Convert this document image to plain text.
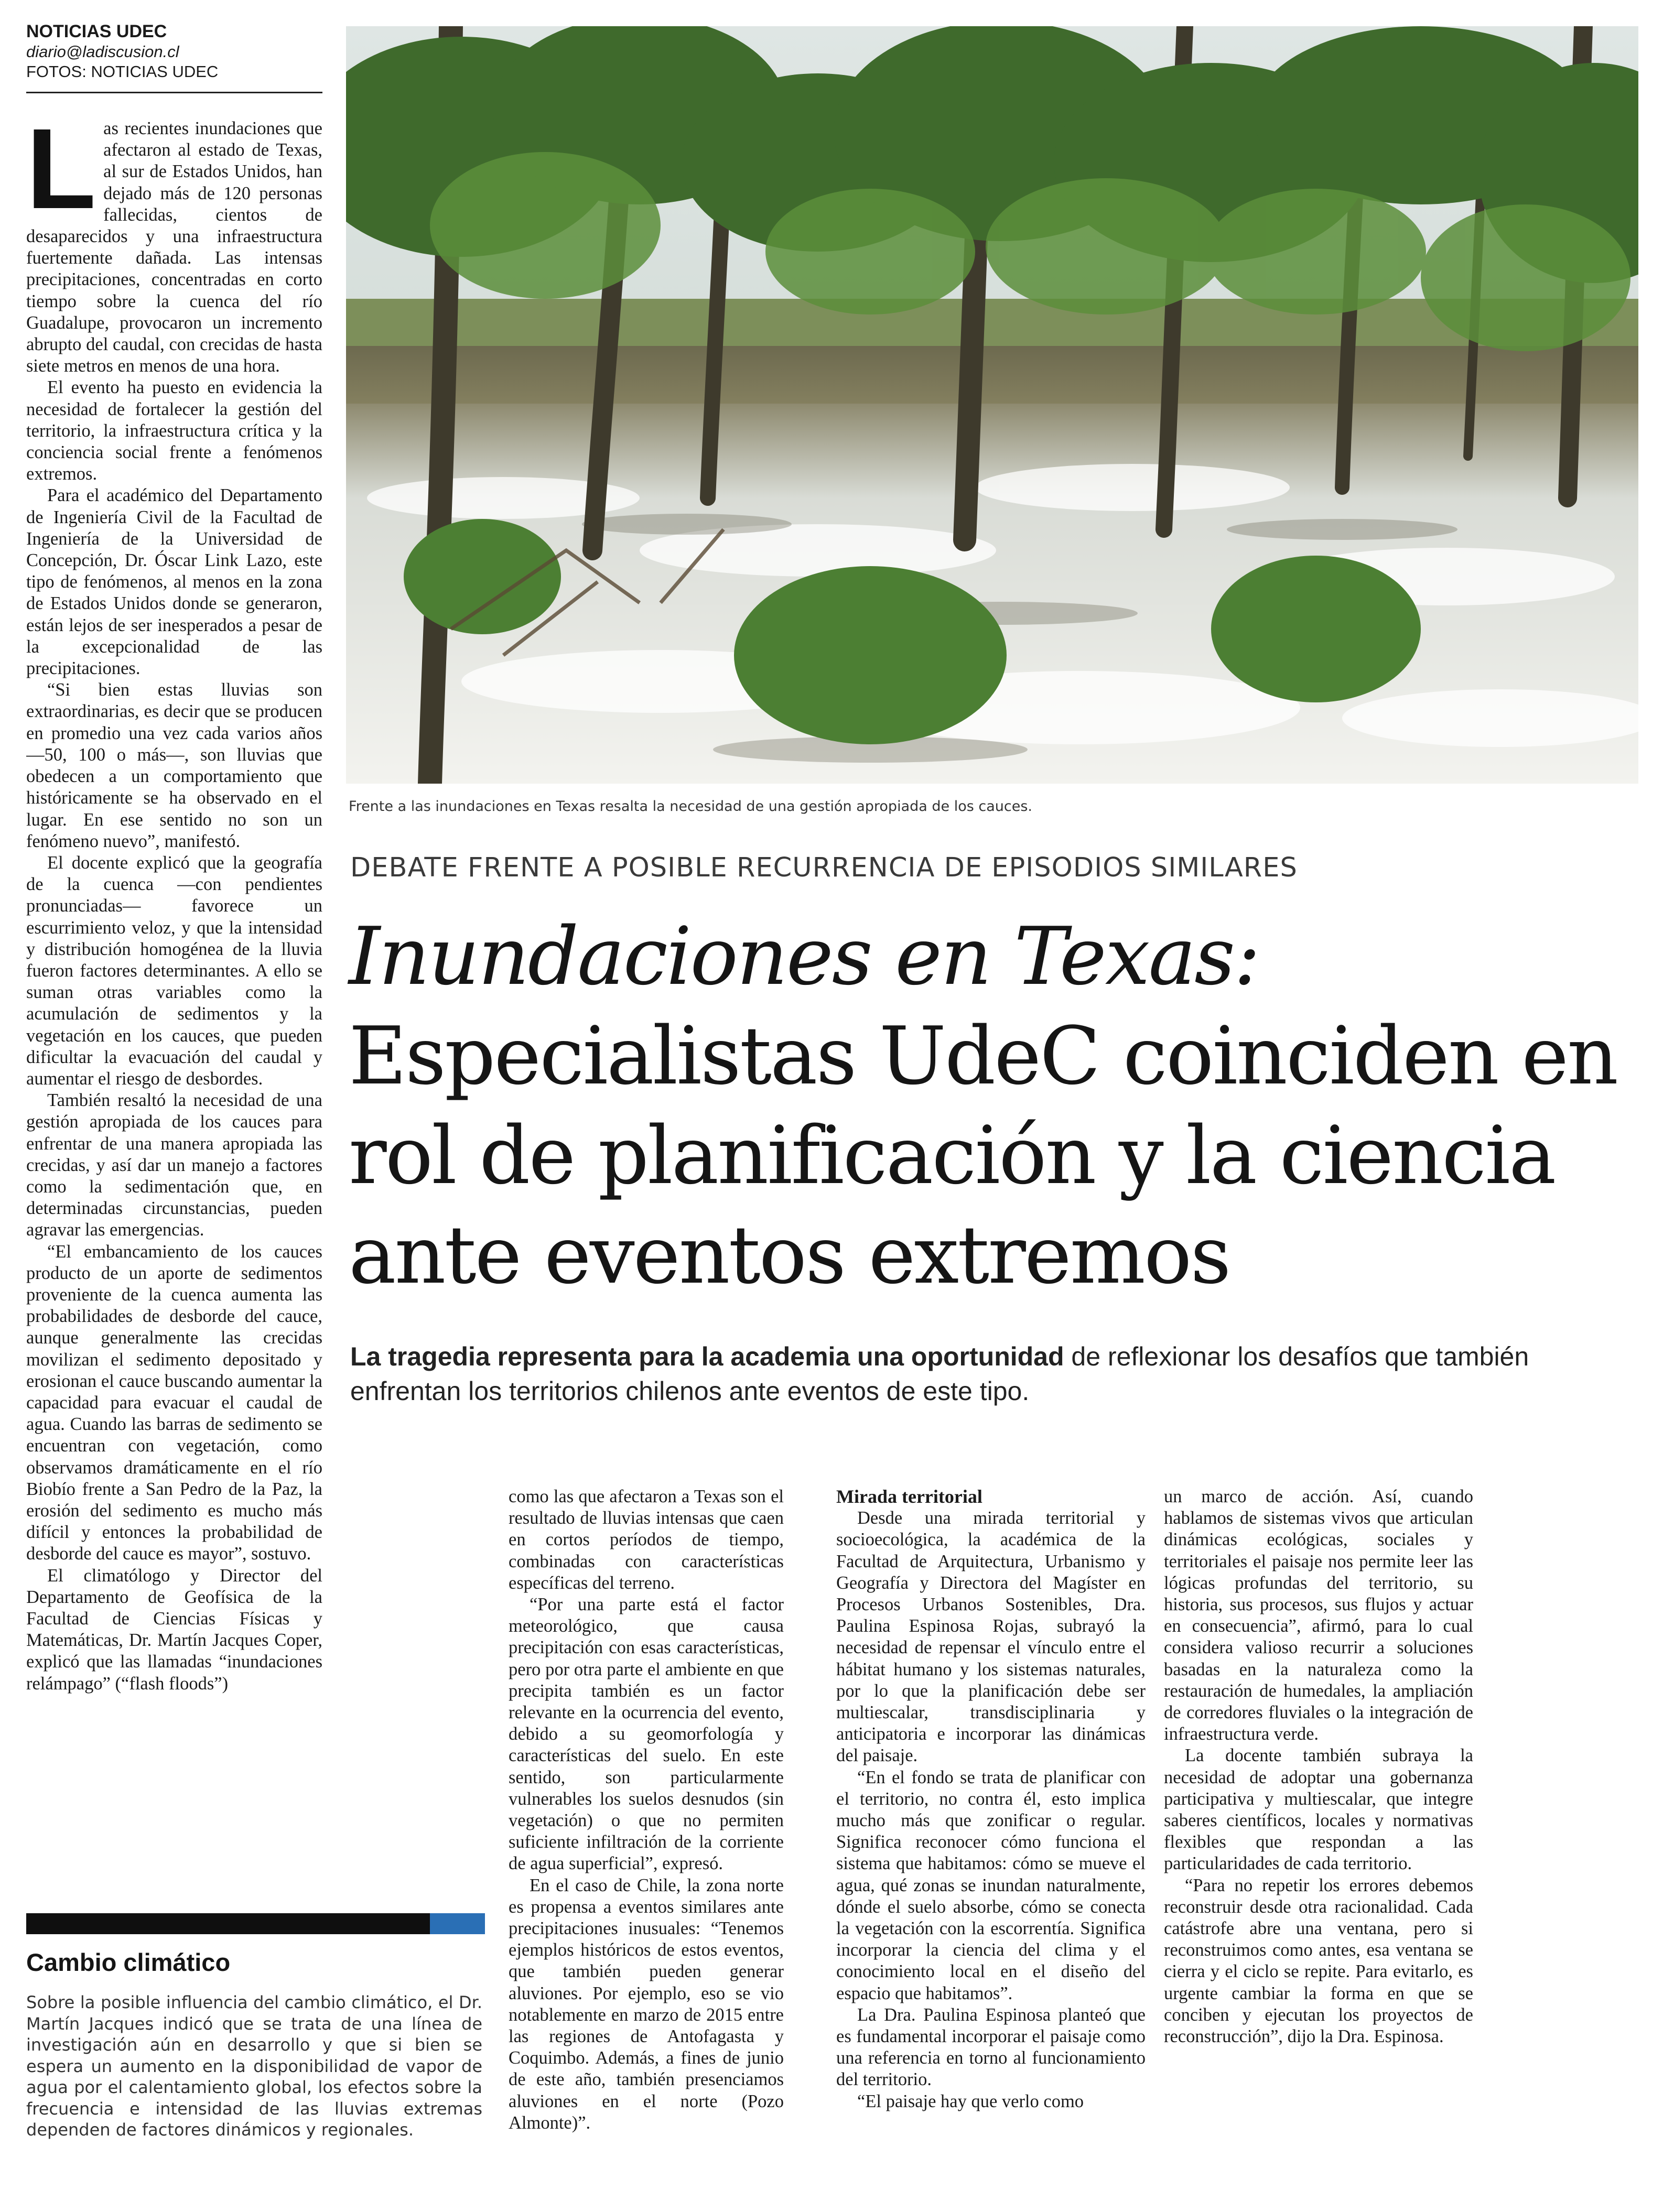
NOTICIAS UDEC
diario@ladiscusion.cl
FOTOS: NOTICIAS UDEC
L as recientes inundaciones que afectaron al estado de Texas, al sur de Estados Unidos, han dejado más de 120 personas fallecidas, cientos de desaparecidos y una infraestructura fuertemente dañada. Las intensas precipitaciones, concentradas en corto tiempo sobre la cuenca del río Guadalupe, provocaron un incremento abrupto del caudal, con crecidas de hasta siete metros en menos de una hora.

El evento ha puesto en evidencia la necesidad de fortalecer la gestión del territorio, la infraestructura crítica y la conciencia social frente a fenómenos extremos.

Para el académico del Departamento de Ingeniería Civil de la Facultad de Ingeniería de la Universidad de Concepción, Dr. Óscar Link Lazo, este tipo de fenómenos, al menos en la zona de Estados Unidos donde se generaron, están lejos de ser inesperados a pesar de la excepcionalidad de las precipitaciones.

“Si bien estas lluvias son extraordinarias, es decir que se producen en promedio una vez cada varios años —50, 100 o más—, son lluvias que obedecen a un comportamiento que históricamente se ha observado en el lugar. En ese sentido no son un fenómeno nuevo”, manifestó.

El docente explicó que la geografía de la cuenca —con pendientes pronunciadas— favorece un escurrimiento veloz, y que la intensidad y distribución homogénea de la lluvia fueron factores determinantes. A ello se suman otras variables como la acumulación de sedimentos y la vegetación en los cauces, que pueden dificultar la evacuación del caudal y aumentar el riesgo de desbordes.

También resaltó la necesidad de una gestión apropiada de los cauces para enfrentar de una manera apropiada las crecidas, y así dar un manejo a factores como la sedimentación que, en determinadas circunstancias, pueden agravar las emergencias.

“El embancamiento de los cauces producto de un aporte de sedimentos proveniente de la cuenca aumenta las probabilidades de desborde del cauce, aunque generalmente las crecidas movilizan el sedimento depositado y erosionan el cauce buscando aumentar la capacidad para evacuar el caudal de agua. Cuando las barras de sedimento se encuentran con vegetación, como observamos dramáticamente en el río Biobío frente a San Pedro de la Paz, la erosión del sedimento es mucho más difícil y entonces la probabilidad de desborde del cauce es mayor”, sostuvo.

El climatólogo y Director del Departamento de Geofísica de la Facultad de Ciencias Físicas y Matemáticas, Dr. Martín Jacques Coper, explicó que las llamadas “inundaciones relámpago” (“flash floods”)

Frente a las inundaciones en Texas resalta la necesidad de una gestión apropiada de los cauces.
DEBATE FRENTE A POSIBLE RECURRENCIA DE EPISODIOS SIMILARES
Inundaciones en Texas:
Especialistas UdeC coinciden en rol de planificación y la ciencia ante eventos extremos
La tragedia representa para la academia una oportunidad de reflexionar los desafíos que también enfrentan los territorios chilenos ante eventos de este tipo.

como las que afectaron a Texas son el resultado de lluvias intensas que caen en cortos períodos de tiempo, combinadas con características específicas del terreno.

“Por una parte está el factor meteorológico, que causa precipitación con esas características, pero por otra parte el ambiente en que precipita también es un factor relevante en la ocurrencia del evento, debido a su geomorfología y características del suelo. En este sentido, son particularmente vulnerables los suelos desnudos (sin vegetación) o que no permiten suficiente infiltración de la corriente de agua superficial”, expresó.

En el caso de Chile, la zona norte es propensa a eventos similares ante precipitaciones inusuales: “Tenemos ejemplos históricos de estos eventos, que también pueden generar aluviones. Por ejemplo, eso se vio notablemente en marzo de 2015 entre las regiones de Antofagasta y Coquimbo. Además, a fines de junio de este año, también presenciamos aluviones en el norte (Pozo Almonte)”.

Mirada territorial

Desde una mirada territorial y socioecológica, la académica de la Facultad de Arquitectura, Urbanismo y Geografía y Directora del Magíster en Procesos Urbanos Sostenibles, Dra. Paulina Espinosa Rojas, subrayó la necesidad de repensar el vínculo entre el hábitat humano y los sistemas naturales, por lo que la planificación debe ser multiescalar, transdisciplinaria y anticipatoria e incorporar las dinámicas del paisaje.

“En el fondo se trata de planificar con el territorio, no contra él, esto implica mucho más que zonificar o regular. Significa reconocer cómo funciona el sistema que habitamos: cómo se mueve el agua, qué zonas se inundan naturalmente, dónde el suelo absorbe, cómo se conecta la vegetación con la escorrentía. Significa incorporar la ciencia del clima y el conocimiento local en el diseño del espacio que habitamos”.

La Dra. Paulina Espinosa planteó que es fundamental incorporar el paisaje como una referencia en torno al funcionamiento del territorio.

“El paisaje hay que verlo como

un marco de acción. Así, cuando hablamos de sistemas vivos que articulan dinámicas ecológicas, sociales y territoriales el paisaje nos permite leer las lógicas profundas del territorio, su historia, sus procesos, sus flujos y actuar en consecuencia”, afirmó, para lo cual considera valioso recurrir a soluciones basadas en la naturaleza como la restauración de humedales, la ampliación de corredores fluviales o la integración de infraestructura verde.

La docente también subraya la necesidad de adoptar una gobernanza participativa y multiescalar, que integre saberes científicos, locales y normativas flexibles que respondan a las particularidades de cada territorio.

“Para no repetir los errores debemos reconstruir desde otra racionalidad. Cada catástrofe abre una ventana, pero si reconstruimos como antes, esa ventana se cierra y el ciclo se repite. Para evitarlo, es urgente cambiar la forma en que se conciben y ejecutan los proyectos de reconstrucción”, dijo la Dra. Espinosa.

Cambio climático
Sobre la posible influencia del cambio climático, el Dr. Martín Jacques indicó que se trata de una línea de investigación aún en desarrollo y que si bien se espera un aumento en la disponibilidad de vapor de agua por el calentamiento global, los efectos sobre la frecuencia e intensidad de las lluvias extremas dependen de factores dinámicos y regionales.
